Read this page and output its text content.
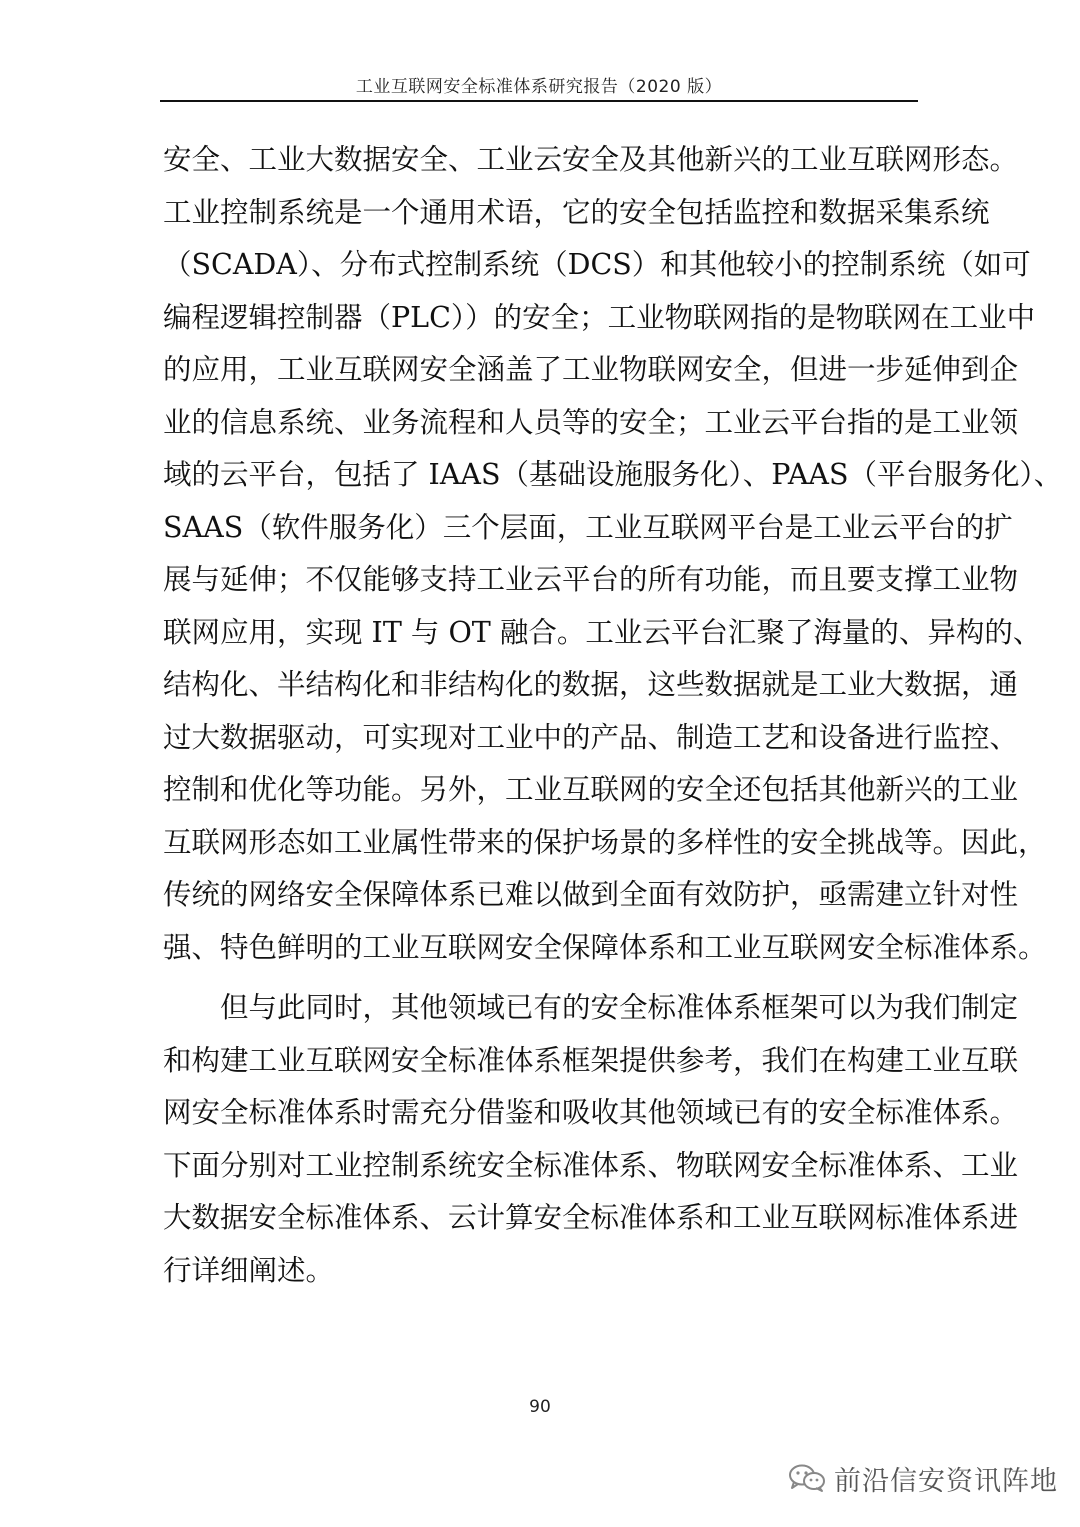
工业互联网安全标准体系研究报告（2020 版）
安全、工业大数据安全、工业云安全及其他新兴的工业互联网形态。
工业控制系统是一个通用术语，它的安全包括监控和数据采集系统
（SCADA）、分布式控制系统（DCS）和其他较小的控制系统（如可
编程逻辑控制器（PLC））的安全；工业物联网指的是物联网在工业中
的应用，工业互联网安全涵盖了工业物联网安全，但进一步延伸到企
业的信息系统、业务流程和人员等的安全；工业云平台指的是工业领
域的云平台，包括了 IAAS（基础设施服务化）、PAAS（平台服务化）、
SAAS（软件服务化）三个层面，工业互联网平台是工业云平台的扩
展与延伸；不仅能够支持工业云平台的所有功能，而且要支撑工业物
联网应用，实现 IT 与 OT 融合。工业云平台汇聚了海量的、异构的、
结构化、半结构化和非结构化的数据，这些数据就是工业大数据，通
过大数据驱动，可实现对工业中的产品、制造工艺和设备进行监控、
控制和优化等功能。另外，工业互联网的安全还包括其他新兴的工业
互联网形态如工业属性带来的保护场景的多样性的安全挑战等。因此，
传统的网络安全保障体系已难以做到全面有效防护，亟需建立针对性
强、特色鲜明的工业互联网安全保障体系和工业互联网安全标准体系。
　　但与此同时，其他领域已有的安全标准体系框架可以为我们制定
和构建工业互联网安全标准体系框架提供参考，我们在构建工业互联
网安全标准体系时需充分借鉴和吸收其他领域已有的安全标准体系。
下面分别对工业控制系统安全标准体系、物联网安全标准体系、工业
大数据安全标准体系、云计算安全标准体系和工业互联网标准体系进
行详细阐述。
90
前沿信安资讯阵地
